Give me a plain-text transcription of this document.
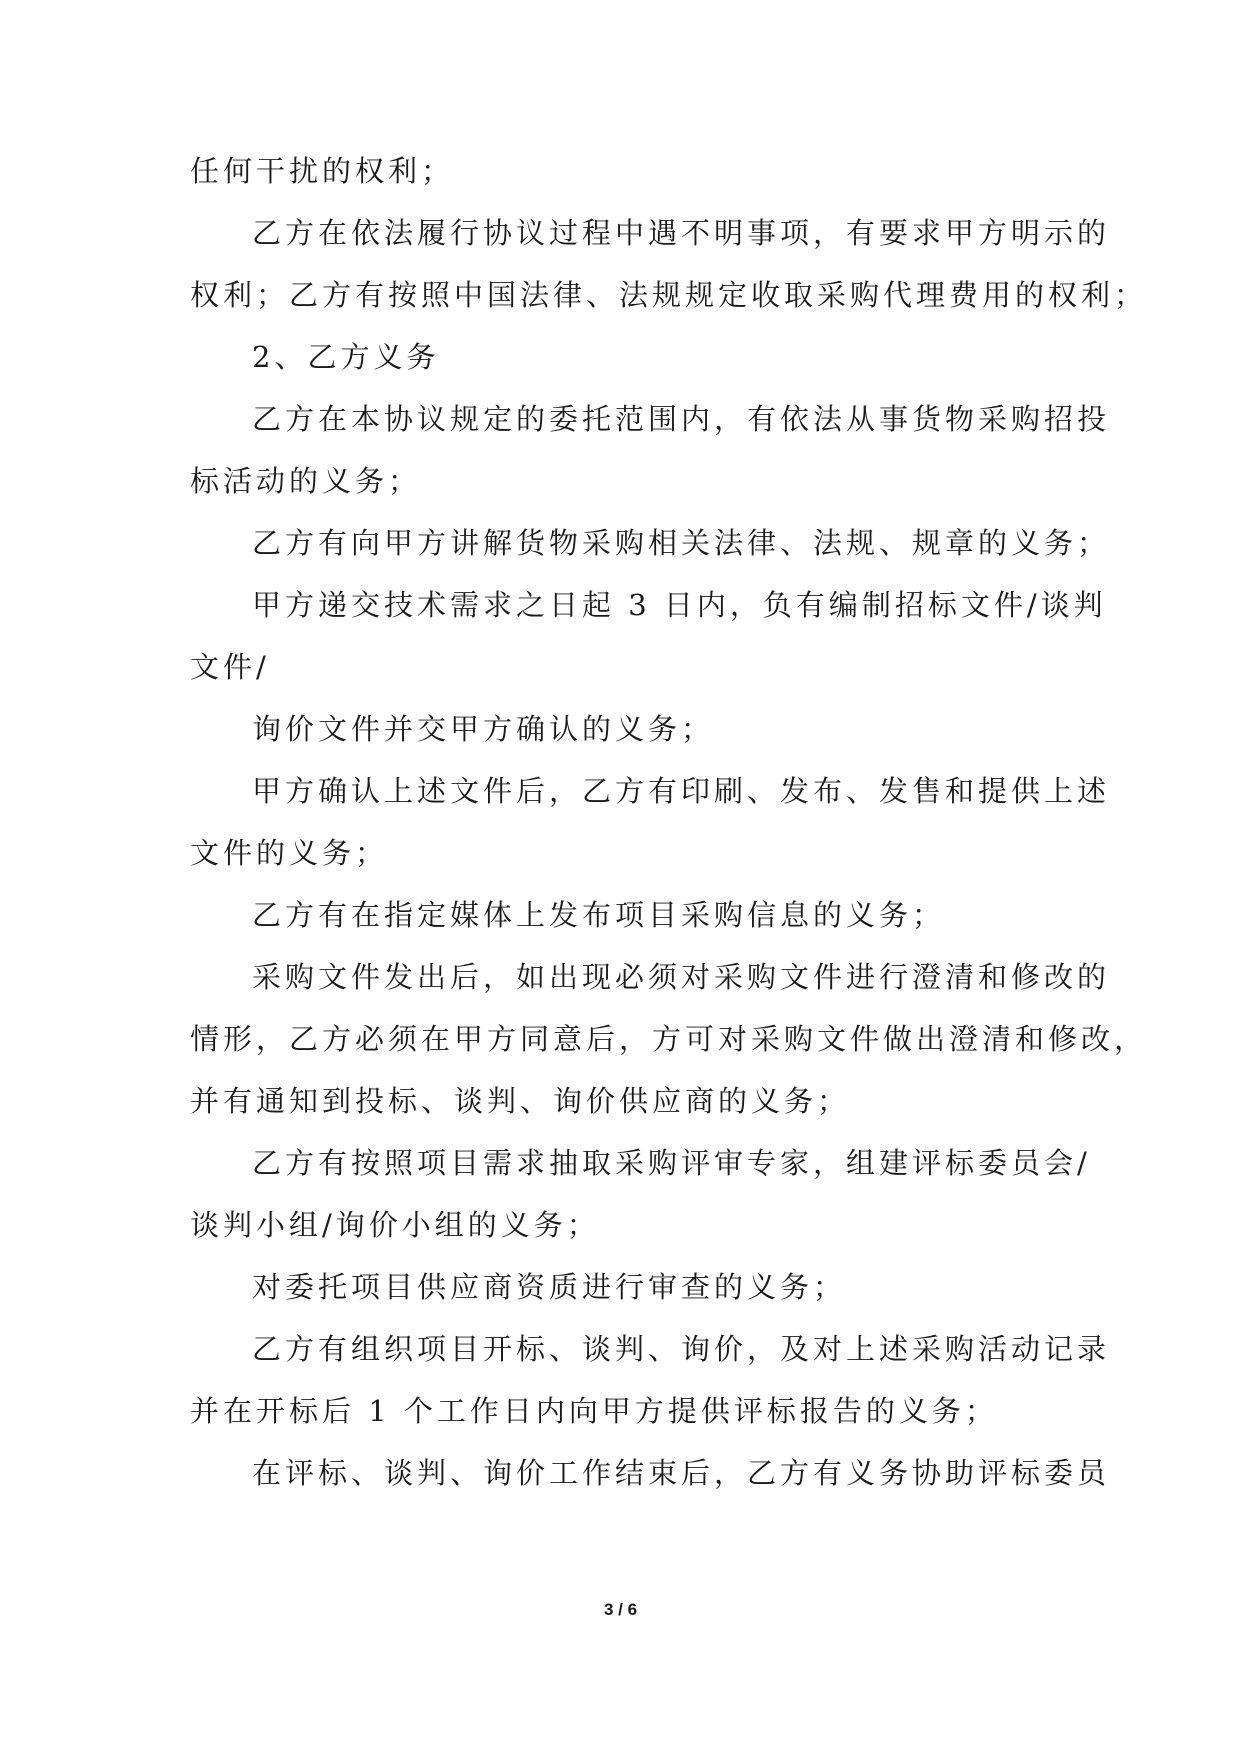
任何干扰的权利；

乙方在依法履行协议过程中遇不明事项，有要求甲方明示的

权利；乙方有按照中国法律、法规规定收取采购代理费用的权利；

2、乙方义务

乙方在本协议规定的委托范围内，有依法从事货物采购招投

标活动的义务；

乙方有向甲方讲解货物采购相关法律、法规、规章的义务；

甲方递交技术需求之日起 3 日内，负有编制招标文件/谈判

文件/

询价文件并交甲方确认的义务；

甲方确认上述文件后，乙方有印刷、发布、发售和提供上述

文件的义务；

乙方有在指定媒体上发布项目采购信息的义务；

采购文件发出后，如出现必须对采购文件进行澄清和修改的

情形，乙方必须在甲方同意后，方可对采购文件做出澄清和修改，

并有通知到投标、谈判、询价供应商的义务；

乙方有按照项目需求抽取采购评审专家，组建评标委员会/

谈判小组/询价小组的义务；

对委托项目供应商资质进行审查的义务；

乙方有组织项目开标、谈判、询价，及对上述采购活动记录

并在开标后 1 个工作日内向甲方提供评标报告的义务；

在评标、谈判、询价工作结束后，乙方有义务协助评标委员

3 / 6
